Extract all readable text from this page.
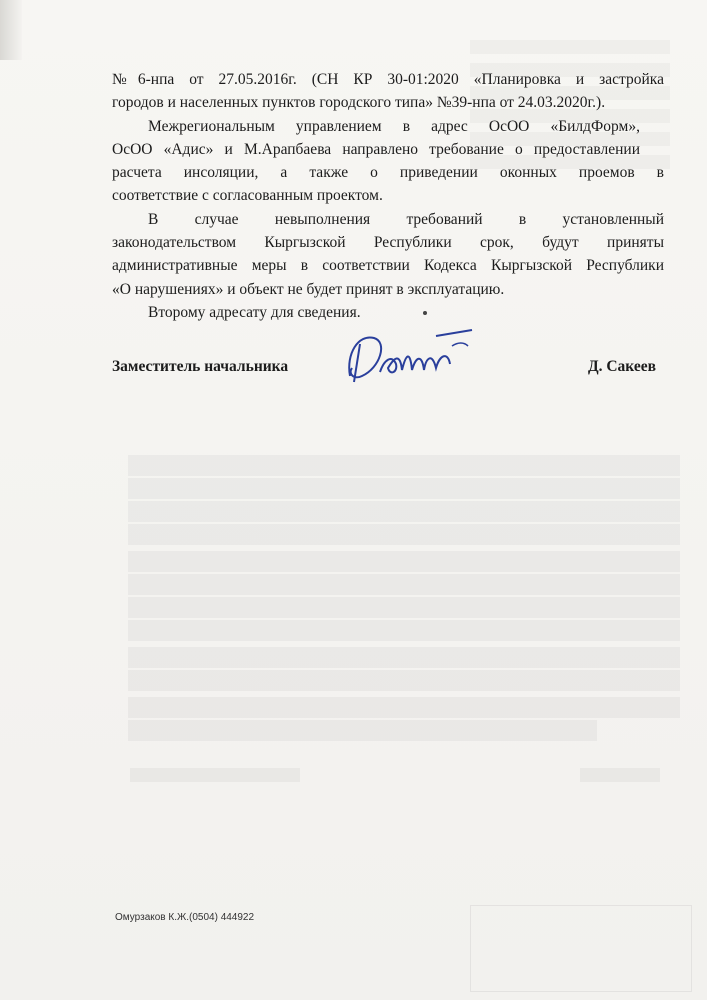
№6-нпа от 27.05.2016г. (СН КР 30-01:2020 «Планировка и застройка
городов и населенных пунктов городского типа» №39-нпа от 24.03.2020г.).
Межрегиональным управлением в адрес ОсОО «БилдФорм»,
ОсОО «Адис» и М.Арапбаева направлено требование о предоставлении
расчета инсоляции, а также о приведении оконных проемов в
соответствие с согласованным проектом.
В случае невыполнения требований в установленный
законодательством Кыргызской Республики срок, будут приняты
административные меры в соответствии Кодекса Кыргызской Республики
«О нарушениях» и объект не будет принят в эксплуатацию.
Второму адресату для сведения.
Заместитель начальника	Д. Сакеев
Омурзаков К.Ж.(0504) 444922
